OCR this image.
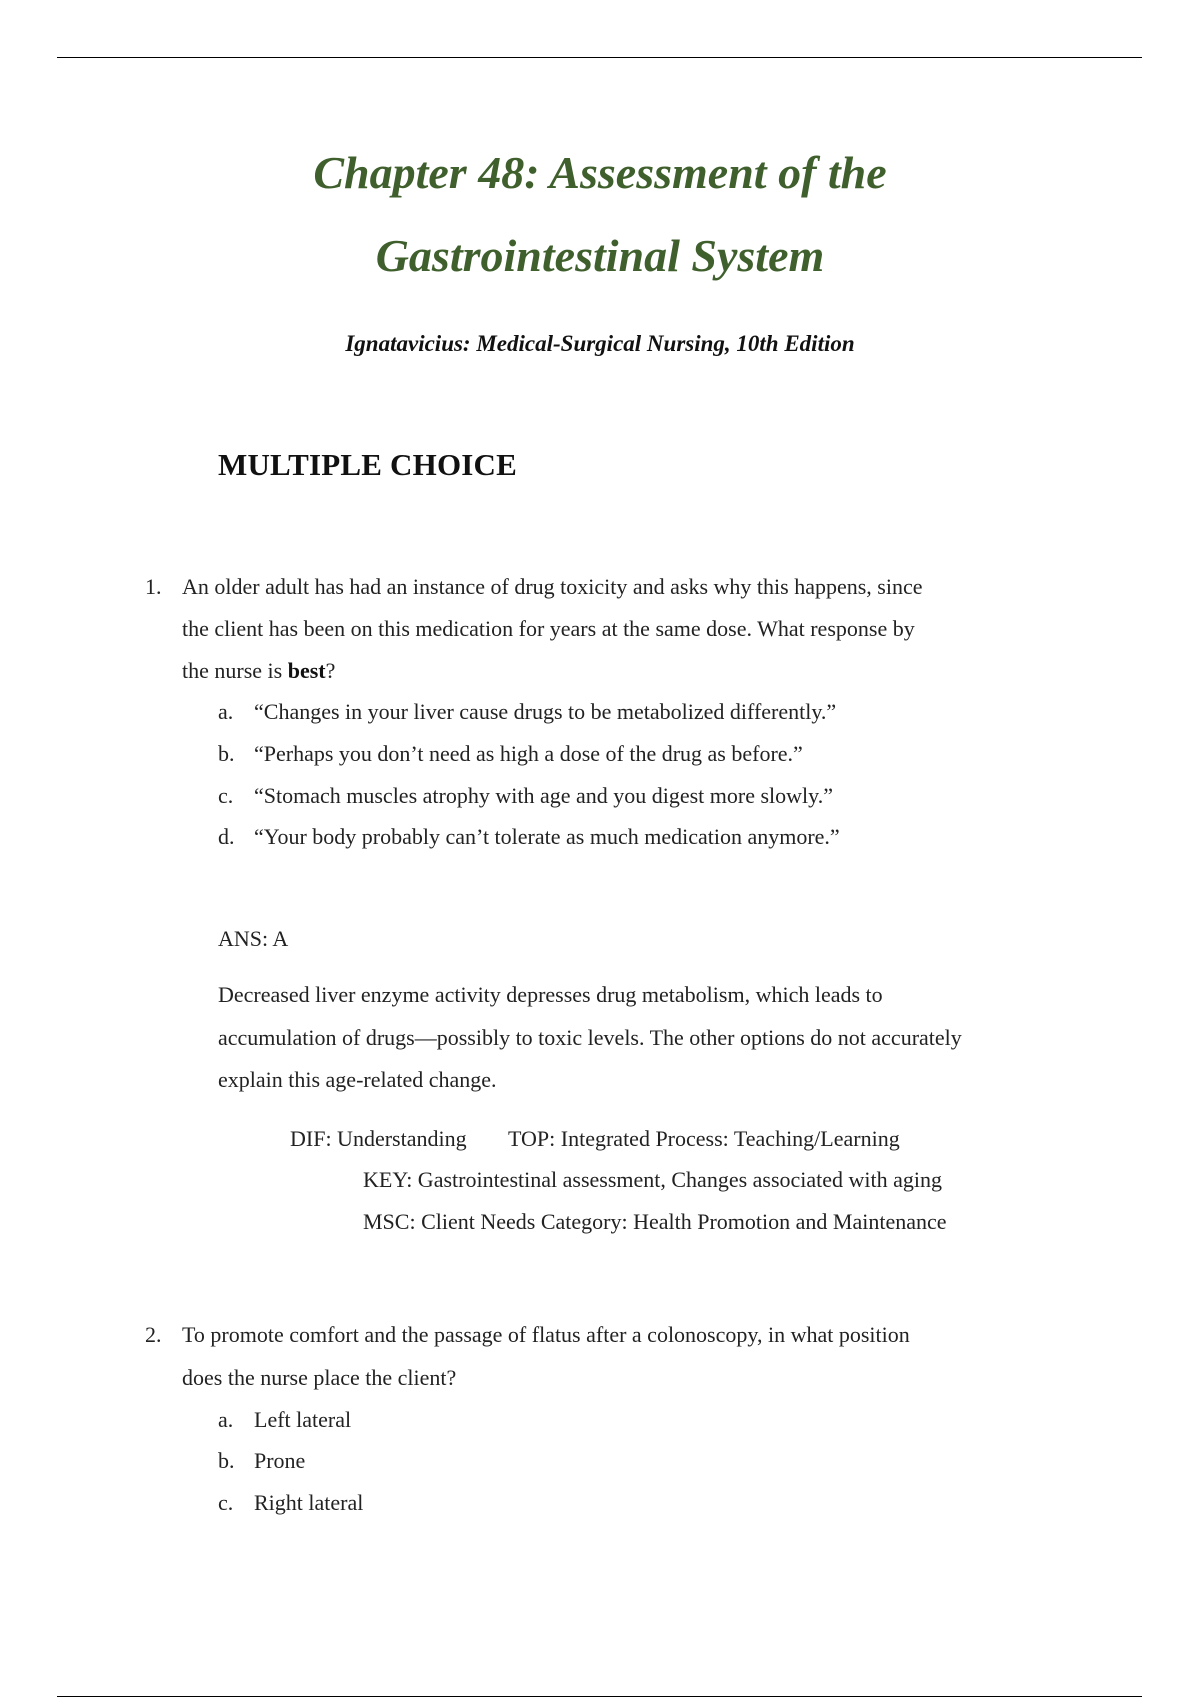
Chapter 48: Assessment of the
Gastrointestinal System
Ignatavicius: Medical-Surgical Nursing, 10th Edition
MULTIPLE CHOICE
1. An older adult has had an instance of drug toxicity and asks why this happens, since
the client has been on this medication for years at the same dose. What response by
the nurse is best?
a. “Changes in your liver cause drugs to be metabolized differently.”
b. “Perhaps you don’t need as high a dose of the drug as before.”
c. “Stomach muscles atrophy with age and you digest more slowly.”
d. “Your body probably can’t tolerate as much medication anymore.”
ANS: A
Decreased liver enzyme activity depresses drug metabolism, which leads to
accumulation of drugs—possibly to toxic levels. The other options do not accurately
explain this age-related change.
DIF: Understanding TOP: Integrated Process: Teaching/Learning
KEY: Gastrointestinal assessment, Changes associated with aging
MSC: Client Needs Category: Health Promotion and Maintenance
2. To promote comfort and the passage of flatus after a colonoscopy, in what position
does the nurse place the client?
a. Left lateral
b. Prone
c. Right lateral
